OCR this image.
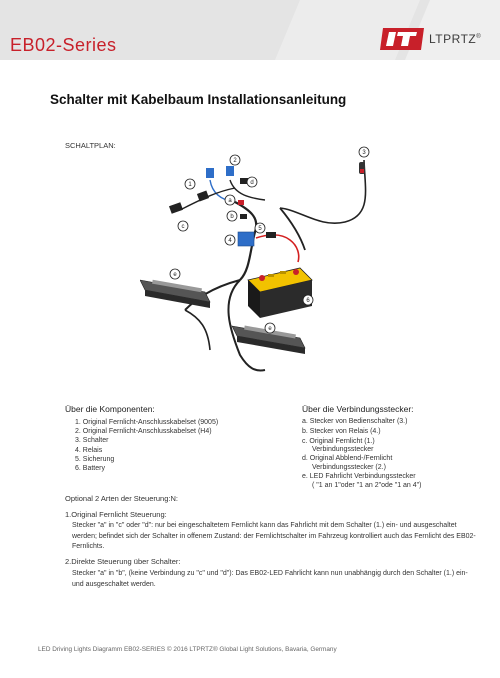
EB02-Series	LTPRTZ®
Schalter mit Kabelbaum Installationsanleitung
SCHALTPLAN:
1
2
3
4
5
6
a
b
c
d
e
e
Über die Komponenten:
1. Original Fernlicht-Anschlusskabelset (9005)
2. Original Fernlicht-Anschlusskabelset (H4)
3. Schalter
4. Relais
5. Sicherung
6. Battery
Über die Verbindungsstecker:
a. Stecker von Bedienschalter (3.)
b. Stecker von Relais (4.)
c. Original Fernlicht (1.)
Verbindungsstecker
d. Original Abblend-/Fernlicht
Verbindungsstecker (2.)
e. LED Fahrlicht Verbindungsstecker
( "1 an 1"oder "1 an 2"ode "1 an 4")
Optional 2 Arten der Steuerung:N:
1.Original Fernlicht Steuerung:
Stecker "a" in "c" oder "d": nur bei eingeschaltetem Fernlicht kann das Fahrlicht mit dem Schalter (1.) ein- und ausgeschaltet werden; befindet sich der Schalter in offenem Zustand: der Fernlichtschalter im Fahrzeug kontrolliert auch das Fernlicht des EB02-Fernlichts.
2.Direkte Steuerung über Schalter:
Stecker "a" in "b", (keine Verbindung zu "c" und "d"): Das EB02-LED Fahrlicht kann nun unabhängig durch den Schalter (1.) ein- und ausgeschaltet werden.
LED Driving Lights Diagramm EB02-SERIES © 2016 LTPRTZ® Global Light Solutions, Bavaria, Germany
